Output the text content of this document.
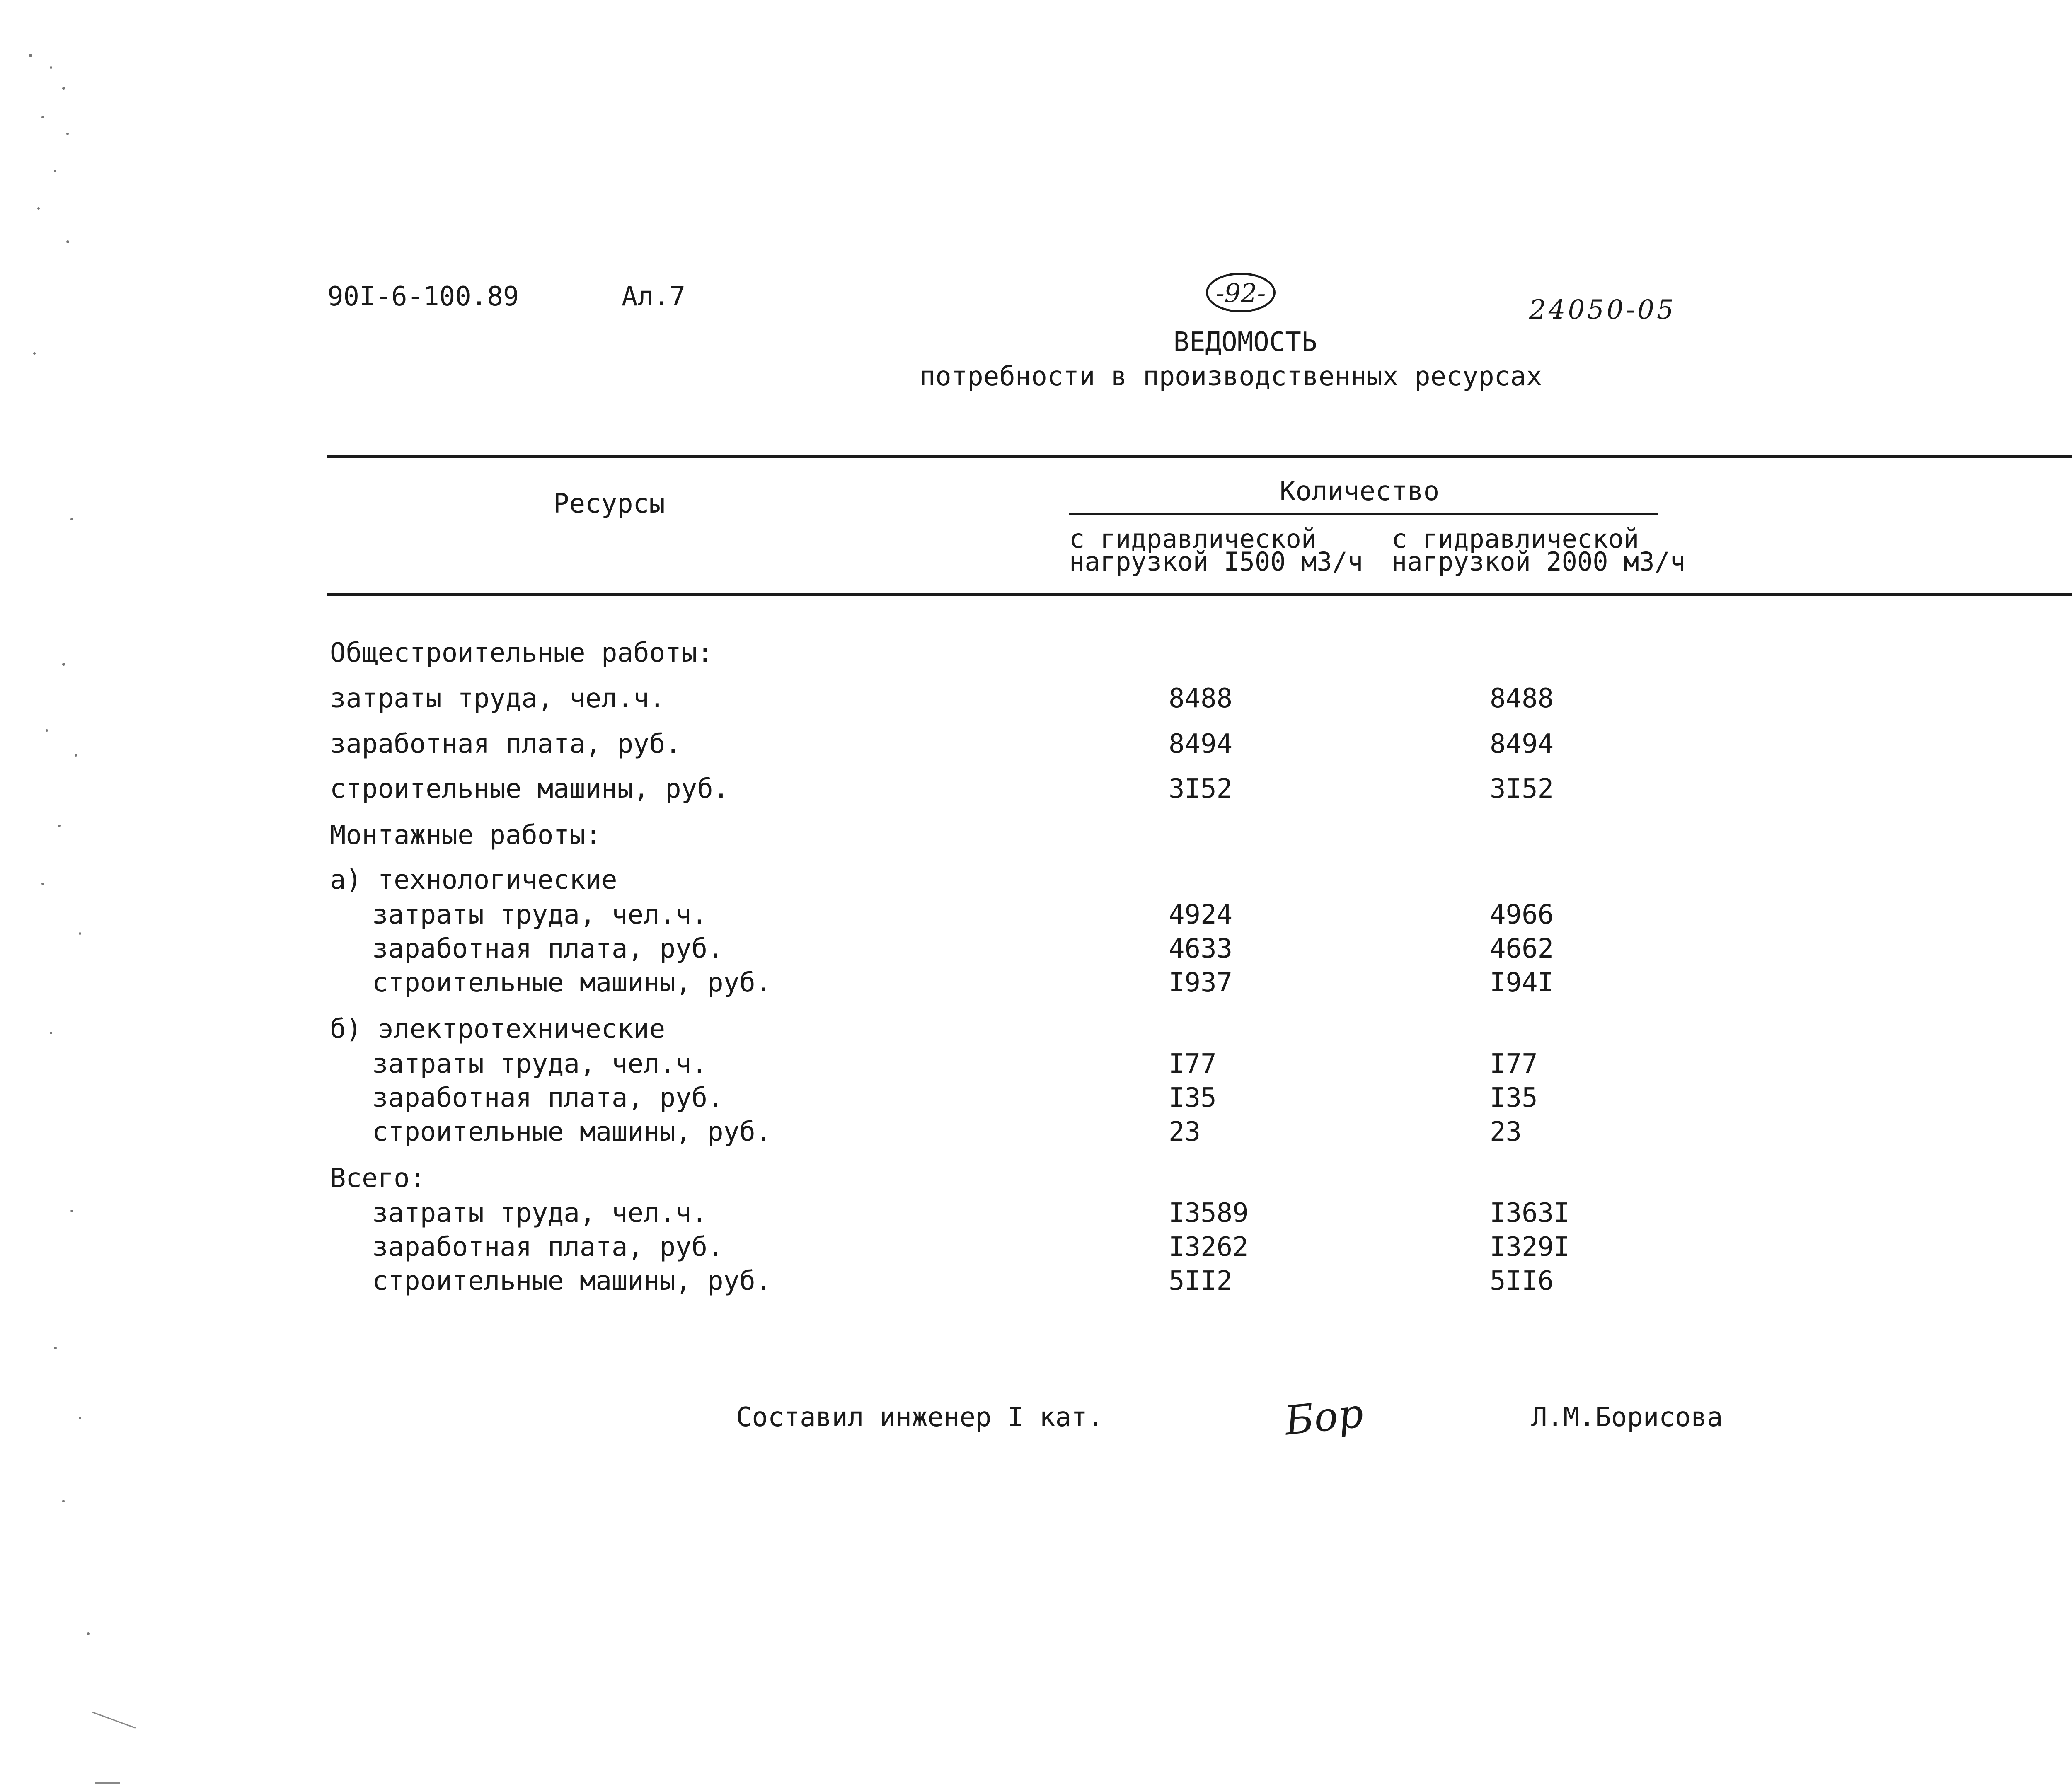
90I-6-100.89	Ал.7	-92-
24050-05
ВЕДОМОСТЬ
потребности в производственных ресурсах
Ресурсы	Количество
с гидравлической
нагрузкой I500 м3/ч
с гидравлической
нагрузкой 2000 м3/ч
Общестроительные работы:
затраты труда, чел.ч.	8488	8488
заработная плата, руб.	8494	8494
строительные машины, руб.	3I52	3I52
Монтажные работы:
а) технологические
затраты труда, чел.ч.	4924	4966
заработная плата, руб.	4633	4662
строительные машины, руб.	I937	I94I
б) электротехнические
затраты труда, чел.ч.	I77	I77
заработная плата, руб.	I35	I35
строительные машины, руб.	23	23
Всего:
затраты труда, чел.ч.	I3589	I363I
заработная плата, руб.	I3262	I329I
строительные машины, руб.	5II2	5II6
Составил инженер I кат.	Бор	Л.М.Борисова
